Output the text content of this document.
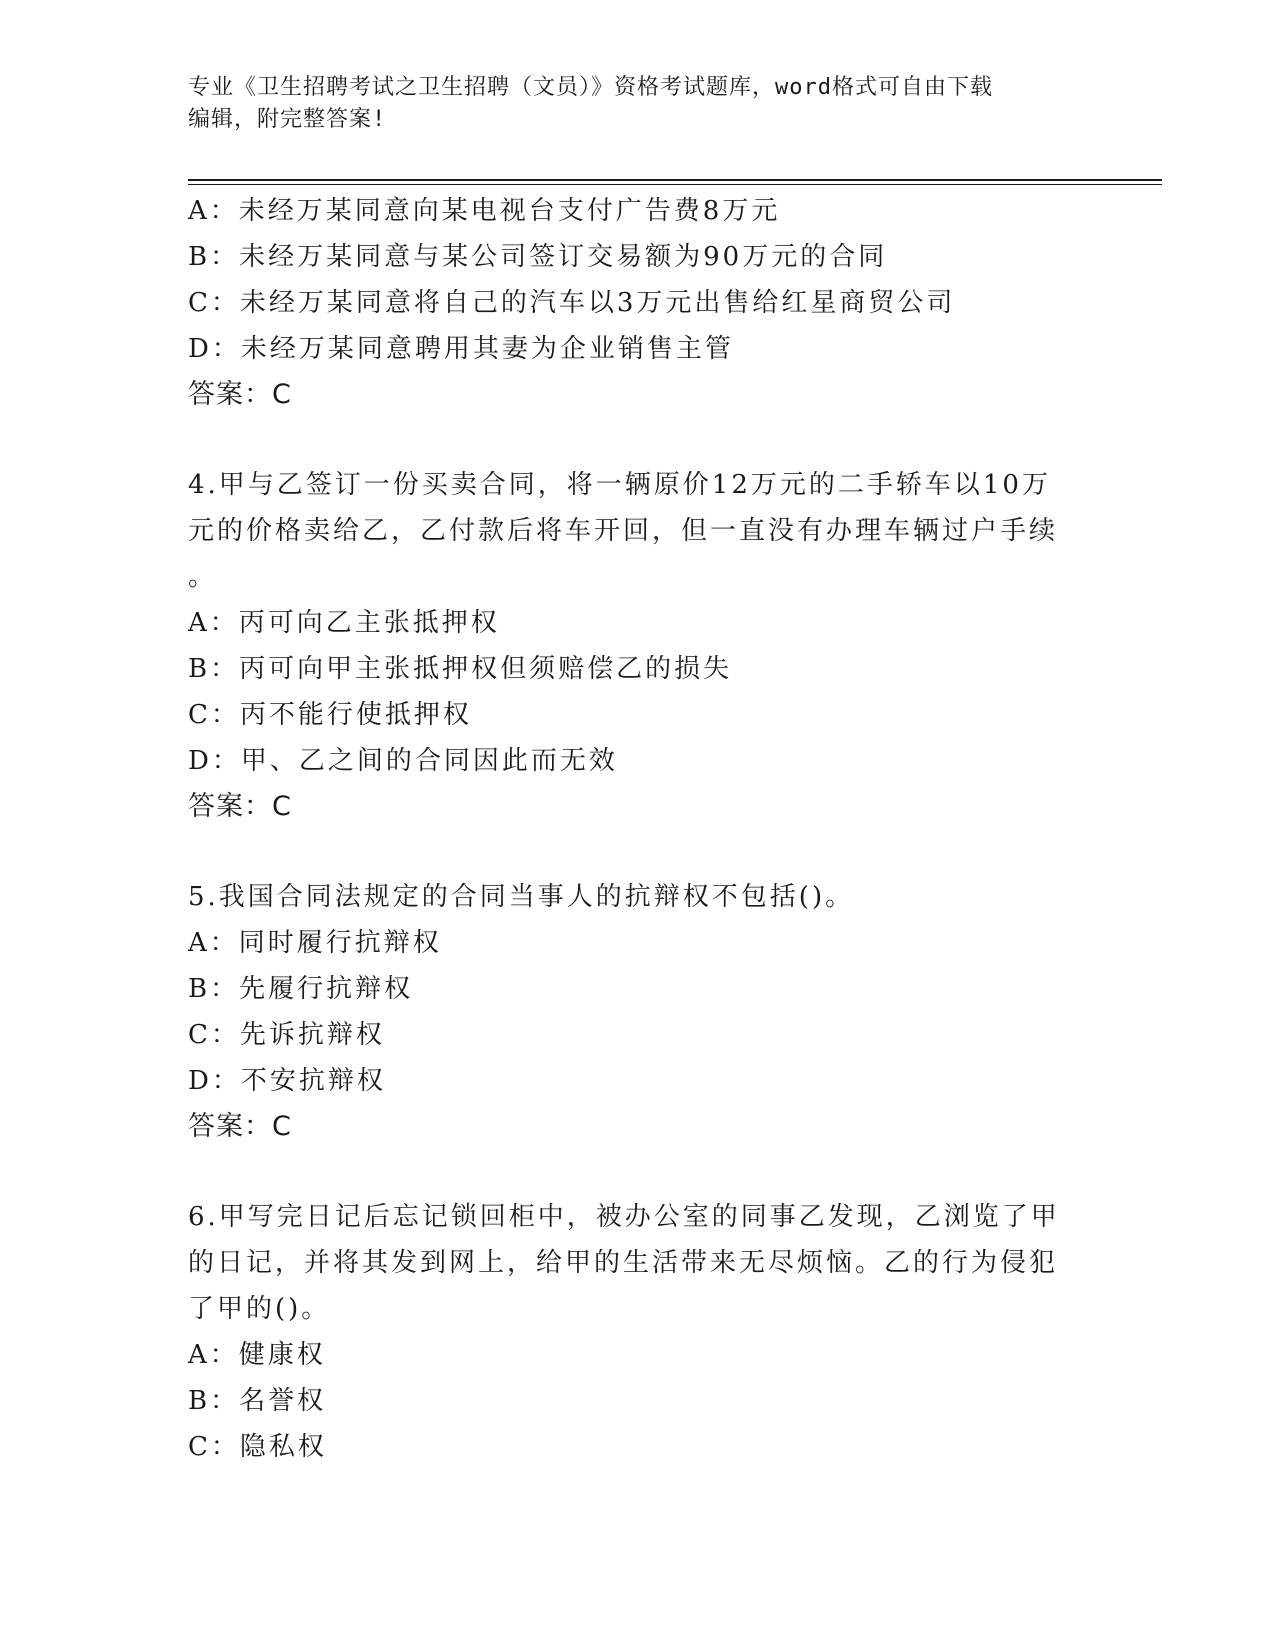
专业《卫生招聘考试之卫生招聘（文员）》资格考试题库，word格式可自由下载
编辑，附完整答案!
A：未经万某同意向某电视台支付广告费8万元
B：未经万某同意与某公司签订交易额为90万元的合同
C：未经万某同意将自己的汽车以3万元出售给红星商贸公司
D：未经万某同意聘用其妻为企业销售主管
答案：C
4.甲与乙签订一份买卖合同，将一辆原价12万元的二手轿车以10万
元的价格卖给乙，乙付款后将车开回，但一直没有办理车辆过户手续
。
A：丙可向乙主张抵押权
B：丙可向甲主张抵押权但须赔偿乙的损失
C：丙不能行使抵押权
D：甲、乙之间的合同因此而无效
答案：C
5.我国合同法规定的合同当事人的抗辩权不包括()。
A：同时履行抗辩权
B：先履行抗辩权
C：先诉抗辩权
D：不安抗辩权
答案：C
6.甲写完日记后忘记锁回柜中，被办公室的同事乙发现，乙浏览了甲
的日记，并将其发到网上，给甲的生活带来无尽烦恼。乙的行为侵犯
了甲的()。
A：健康权
B：名誉权
C：隐私权
